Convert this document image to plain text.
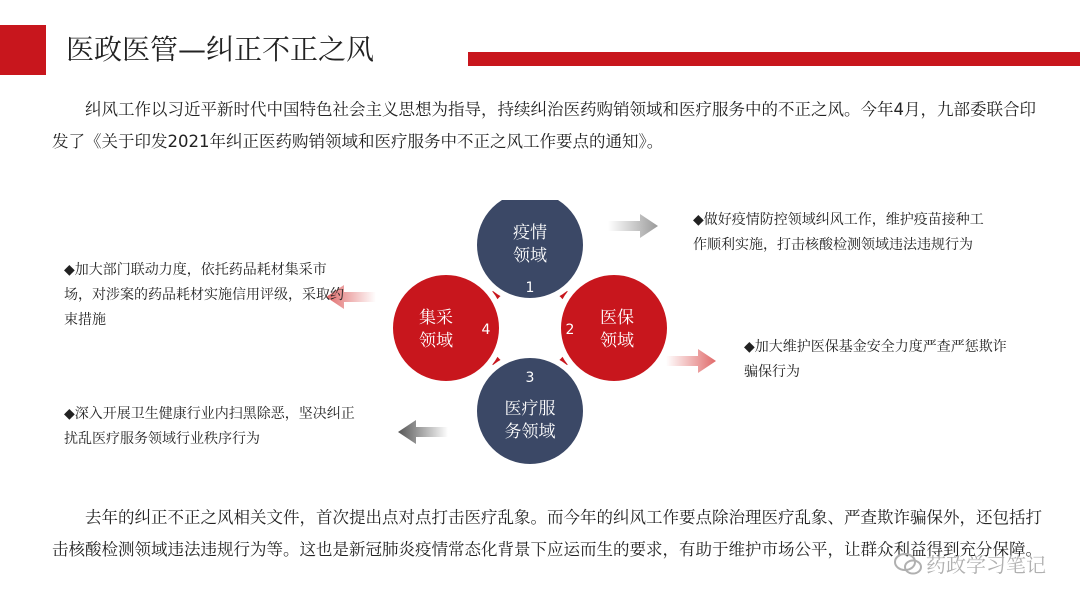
医政医管—纠正不正之风

纠风工作以习近平新时代中国特色社会主义思想为指导，持续纠治医药购销领域和医疗服务中的不正之风。今年4月，九部委联合印发了《关于印发2021年纠正医药购销领域和医疗服务中不正之风工作要点的通知》。

疫情
领域
1
医保
领域
2
医疗服
务领域
3
集采
领域
4

◆做好疫情防控领域纠风工作，维护疫苗接种工作顺利实施，打击核酸检测领域违法违规行为

◆加大维护医保基金安全力度严查严惩欺诈骗保行为

◆加大部门联动力度，依托药品耗材集采市场，对涉案的药品耗材实施信用评级，采取约束措施

◆深入开展卫生健康行业内扫黑除恶，坚决纠正扰乱医疗服务领域行业秩序行为

去年的纠正不正之风相关文件，首次提出点对点打击医疗乱象。而今年的纠风工作要点除治理医疗乱象、严查欺诈骗保外，还包括打击核酸检测领域违法违规行为等。这也是新冠肺炎疫情常态化背景下应运而生的要求，有助于维护市场公平，让群众利益得到充分保障。

药政学习笔记
